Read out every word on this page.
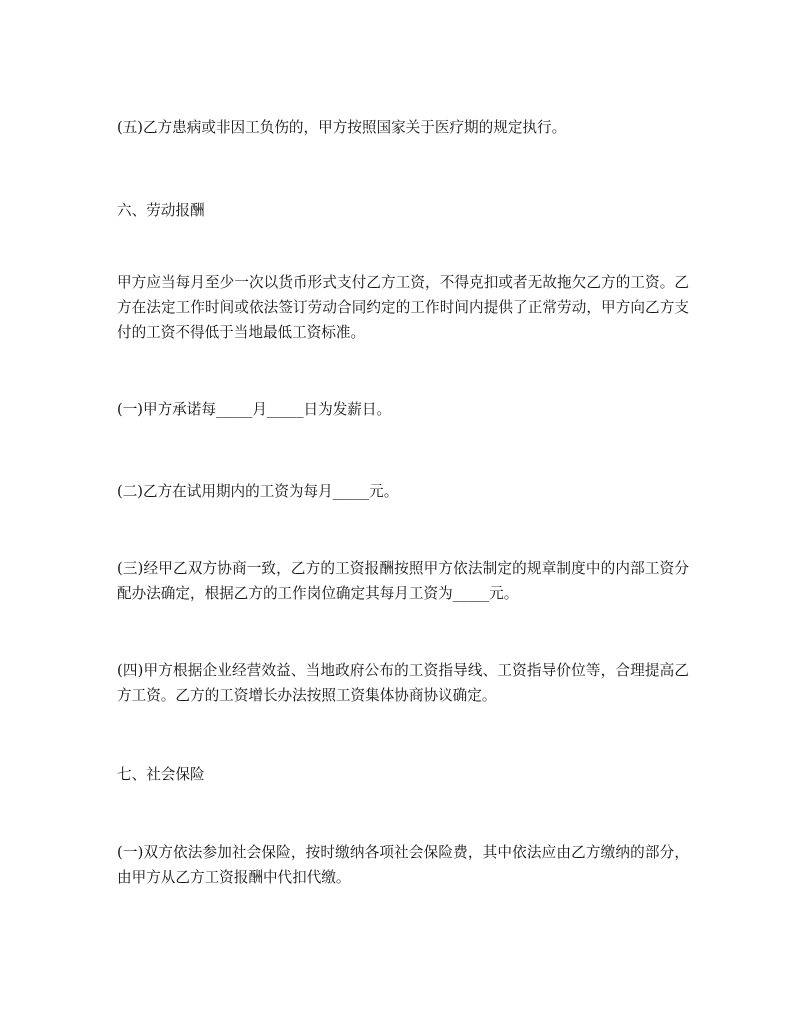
(五)乙方患病或非因工负伤的，甲方按照国家关于医疗期的规定执行。

六、劳动报酬

甲方应当每月至少一次以货币形式支付乙方工资，不得克扣或者无故拖欠乙方的工资。乙方在法定工作时间或依法签订劳动合同约定的工作时间内提供了正常劳动，甲方向乙方支付的工资不得低于当地最低工资标准。

(一)甲方承诺每_____月_____日为发薪日。

(二)乙方在试用期内的工资为每月_____元。

(三)经甲乙双方协商一致，乙方的工资报酬按照甲方依法制定的规章制度中的内部工资分配办法确定，根据乙方的工作岗位确定其每月工资为_____元。

(四)甲方根据企业经营效益、当地政府公布的工资指导线、工资指导价位等，合理提高乙方工资。乙方的工资增长办法按照工资集体协商协议确定。

七、社会保险

(一)双方依法参加社会保险，按时缴纳各项社会保险费，其中依法应由乙方缴纳的部分，由甲方从乙方工资报酬中代扣代缴。
